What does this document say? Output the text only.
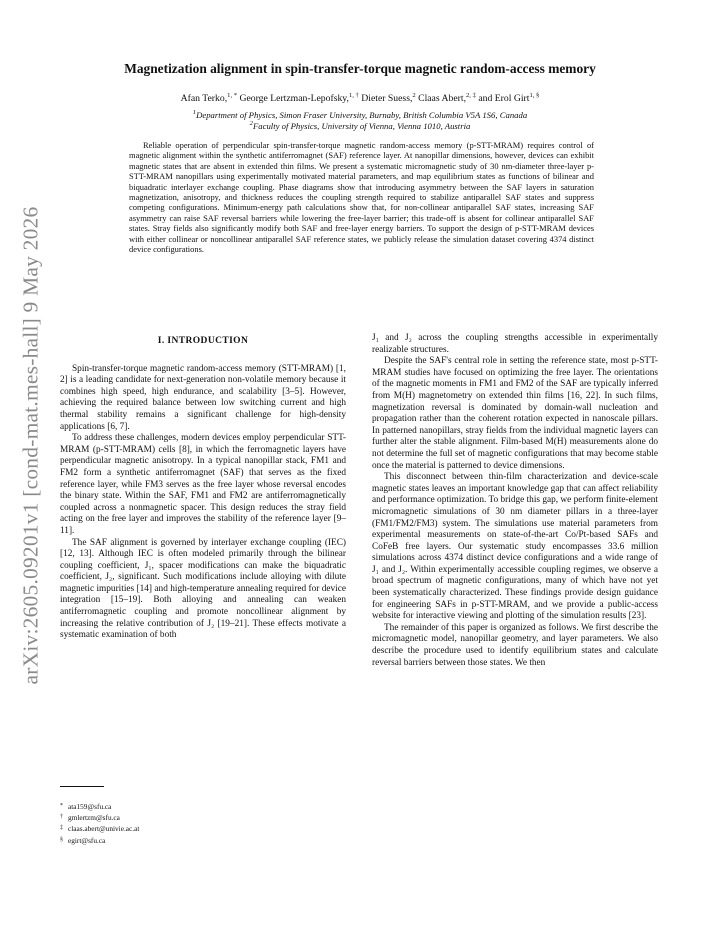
arXiv:2605.09201v1 [cond-mat.mes-hall] 9 May 2026
Magnetization alignment in spin-transfer-torque magnetic random-access memory

Afan Terko,$^{1, *}$ George Lertzman-Lepofsky,$^{1, \dagger}$ Dieter Suess,$^2$ Claas Abert,$^{2, \ddagger}$ and Erol Girt$^{1, \S}$

$^1$Department of Physics, Simon Fraser University, Burnaby, British Columbia V5A 1S6, Canada

$^2$Faculty of Physics, University of Vienna, Vienna 1010, Austria

Reliable operation of perpendicular spin-transfer-torque magnetic random-access memory (p-STT-MRAM) requires control of magnetic alignment within the synthetic antiferromagnet (SAF) reference layer. At nanopillar dimensions, however, devices can exhibit magnetic states that are absent in extended thin films. We present a systematic micromagnetic study of 30 nm-diameter three-layer p-STT-MRAM nanopillars using experimentally motivated material parameters, and map equilibrium states as functions of bilinear and biquadratic interlayer exchange coupling. Phase diagrams show that introducing asymmetry between the SAF layers in saturation magnetization, anisotropy, and thickness reduces the coupling strength required to stabilize antiparallel SAF states and suppress competing configurations. Minimum-energy path calculations show that, for non-collinear antiparallel SAF states, increasing SAF asymmetry can raise SAF reversal barriers while lowering the free-layer barrier; this trade-off is absent for collinear antiparallel SAF states. Stray fields also significantly modify both SAF and free-layer energy barriers. To support the design of p-STT-MRAM devices with either collinear or noncollinear antiparallel SAF reference states, we publicly release the simulation dataset covering 4374 distinct device configurations.

I. INTRODUCTION

Spin-transfer-torque magnetic random-access memory (STT-MRAM) [1, 2] is a leading candidate for next-generation non-volatile memory because it combines high speed, high endurance, and scalability [3–5]. However, achieving the required balance between low switching current and high thermal stability remains a significant challenge for high-density applications [6, 7].

To address these challenges, modern devices employ perpendicular STT-MRAM (p-STT-MRAM) cells [8], in which the ferromagnetic layers have perpendicular magnetic anisotropy. In a typical nanopillar stack, FM1 and FM2 form a synthetic antiferromagnet (SAF) that serves as the fixed reference layer, while FM3 serves as the free layer whose reversal encodes the binary state. Within the SAF, FM1 and FM2 are antiferromagnetically coupled across a nonmagnetic spacer. This design reduces the stray field acting on the free layer and improves the stability of the reference layer [9–11].

The SAF alignment is governed by interlayer exchange coupling (IEC) [12, 13]. Although IEC is often modeled primarily through the bilinear coupling coefficient, J₁, spacer modifications can make the biquadratic coefficient, J₂, significant. Such modifications include alloying with dilute magnetic impurities [14] and high-temperature annealing required for device integration [15–19]. Both alloying and annealing can weaken antiferromagnetic coupling and promote noncollinear alignment by increasing the relative contribution of J₂ [19–21]. These effects motivate a systematic examination of both

J₁ and J₂ across the coupling strengths accessible in experimentally realizable structures.

Despite the SAF's central role in setting the reference state, most p-STT-MRAM studies have focused on optimizing the free layer. The orientations of the magnetic moments in FM1 and FM2 of the SAF are typically inferred from M(H) magnetometry on extended thin films [16, 22]. In such films, magnetization reversal is dominated by domain-wall nucleation and propagation rather than the coherent rotation expected in nanoscale pillars. In patterned nanopillars, stray fields from the individual magnetic layers can further alter the stable alignment. Film-based M(H) measurements alone do not determine the full set of magnetic configurations that may become stable once the material is patterned to device dimensions.

This disconnect between thin-film characterization and device-scale magnetic states leaves an important knowledge gap that can affect reliability and performance optimization. To bridge this gap, we perform finite-element micromagnetic simulations of 30 nm diameter pillars in a three-layer (FM1/FM2/FM3) system. The simulations use material parameters from experimental measurements on state-of-the-art Co/Pt-based SAFs and CoFeB free layers. Our systematic study encompasses 33.6 million simulations across 4374 distinct device configurations and a wide range of J₁ and J₂. Within experimentally accessible coupling regimes, we observe a broad spectrum of magnetic configurations, many of which have not yet been systematically characterized. These findings provide design guidance for engineering SAFs in p-STT-MRAM, and we provide a public-access website for interactive viewing and plotting of the simulation results [23].

The remainder of this paper is organized as follows. We first describe the micromagnetic model, nanopillar geometry, and layer parameters. We also describe the procedure used to identify equilibrium states and calculate reversal barriers between those states. We then

* ata159@sfu.ca
† gmlertzm@sfu.ca
‡ claas.abert@univie.ac.at
§ egirt@sfu.ca
